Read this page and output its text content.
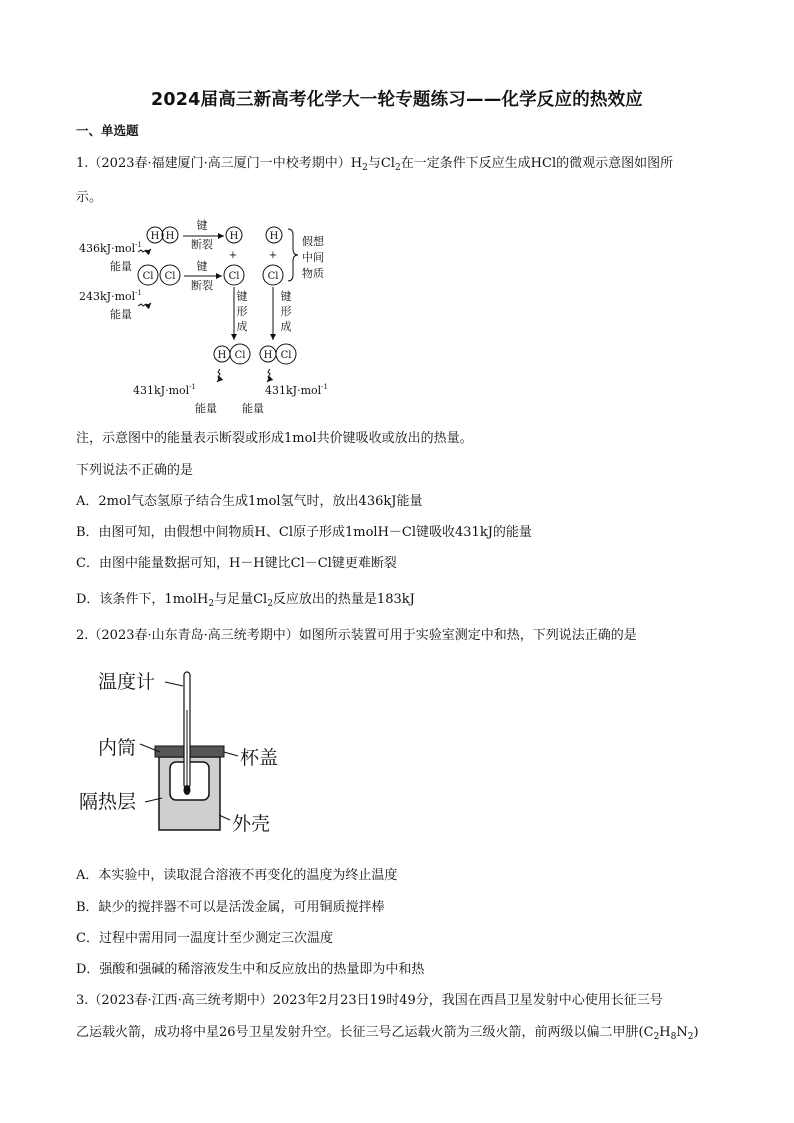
2024届高三新高考化学大一轮专题练习——化学反应的热效应
一、单选题
1.（2023春·福建厦门·高三厦门一中校考期中）$H_2$与$Cl_2$在一定条件下反应生成HCl的微观示意图如图所
示。
H H	H	H
Cl Cl	Cl	Cl
H Cl H Cl
+	+
键
断裂
键
断裂
键
形
成
键
形
成
假想
中间
物质
能量
能量
能量 能量
436kJ·mol$^{-1}$
243kJ·mol$^{-1}$
431kJ·mol$^{-1}$	431kJ·mol$^{-1}$
注，示意图中的能量表示断裂或形成1mol共价键吸收或放出的热量。
下列说法不正确的是
A．2mol气态氢原子结合生成1mol氢气时，放出436kJ能量
B．由图可知，由假想中间物质H、Cl原子形成1molH－Cl键吸收431kJ的能量
C．由图中能量数据可知，H－H键比Cl－Cl键更难断裂
D．该条件下，1molH$_2$与足量$Cl_2$反应放出的热量是183kJ
2.（2023春·山东青岛·高三统考期中）如图所示装置可用于实验室测定中和热，下列说法正确的是
温度计
内筒	杯盖
隔热层
外壳
A．本实验中，读取混合溶液不再变化的温度为终止温度
B．缺少的搅拌器不可以是活泼金属，可用铜质搅拌棒
C．过程中需用同一温度计至少测定三次温度
D．强酸和强碱的稀溶液发生中和反应放出的热量即为中和热
3.（2023春·江西·高三统考期中）2023年2月23日19时49分，我国在西昌卫星发射中心使用长征三号
乙运载火箭，成功将中星26号卫星发射升空。长征三号乙运载火箭为三级火箭，前两级以偏二甲肼$(C_2H_8N_2)$
